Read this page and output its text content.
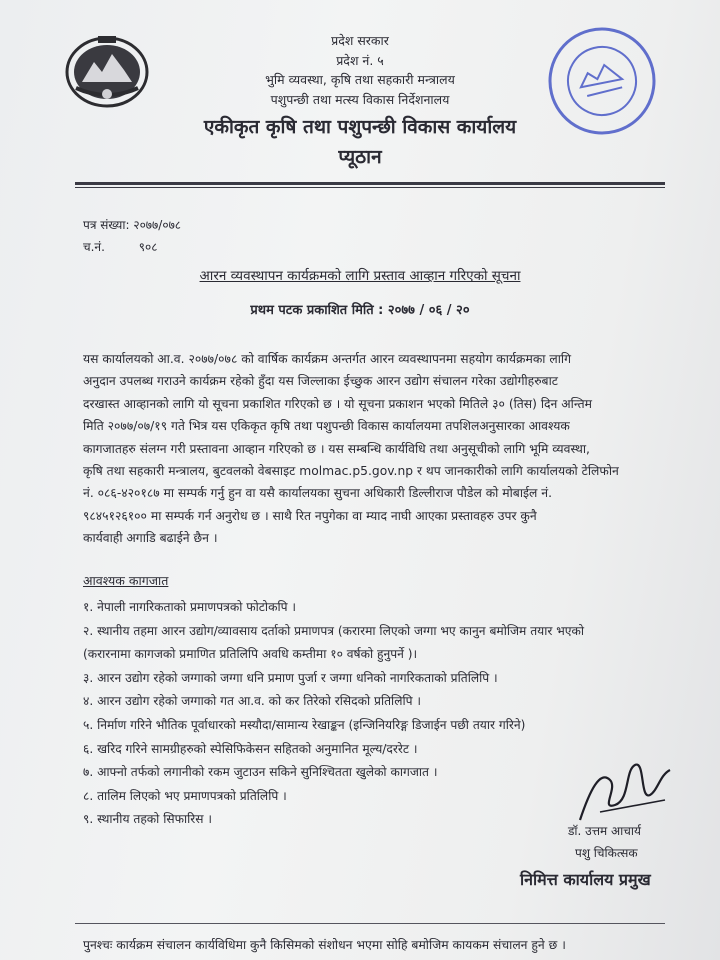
प्रदेश सरकार
प्रदेश नं. ५
भुमि व्यवस्था, कृषि तथा सहकारी मन्त्रालय
पशुपन्छी तथा मत्स्य विकास निर्देशनालय
एकीकृत कृषि तथा पशुपन्छी विकास कार्यालय
प्यूठान
पत्र संख्या: २०७७/०७८
च.नं.	९०८
आरन व्यवस्थापन कार्यक्रमको लागि प्रस्ताव आव्हान गरिएको सूचना
प्रथम पटक प्रकाशित मिति : २०७७ / ०६ / २०
यस कार्यालयको आ.व. २०७७/०७८ को वार्षिक कार्यक्रम अन्तर्गत आरन व्यवस्थापनमा सहयोग कार्यक्रमका लागि
अनुदान उपलब्ध गराउने कार्यक्रम रहेको हुँदा यस जिल्लाका ईच्छुक आरन उद्योग संचालन गरेका उद्योगीहरुबाट
दरखास्त आव्हानको लागि यो सूचना प्रकाशित गरिएको छ । यो सूचना प्रकाशन भएको मितिले ३० (तिस) दिन अन्तिम
मिति २०७७/०७/१९ गते भित्र यस एकिकृत कृषि तथा पशुपन्छी विकास कार्यालयमा तपशिलअनुसारका आवश्यक
कागजातहरु संलग्न गरी प्रस्तावना आव्हान गरिएको छ । यस सम्बन्धि कार्यविधि तथा अनुसूचीको लागि भूमि व्यवस्था,
कृषि तथा सहकारी मन्त्रालय, बुटवलको वेबसाइट molmac.p5.gov.np र थप जानकारीको लागि कार्यालयको टेलिफोन
नं. ०८६-४२०१८७ मा सम्पर्क गर्नु हुन वा यसै कार्यालयका सुचना अधिकारी डिल्लीराज पौडेल को मोबाईल नं.
९८४५१२६१०० मा सम्पर्क गर्न अनुरोध छ । साथै रित नपुगेका वा म्याद नाघी आएका प्रस्तावहरु उपर कुनै
कार्यवाही अगाडि बढाईने छैन ।
आवश्यक कागजात
१. नेपाली नागरिकताको प्रमाणपत्रको फोटोकपि ।
२. स्थानीय तहमा आरन उद्योग/व्यावसाय दर्ताको प्रमाणपत्र (करारमा लिएको जग्गा भए कानुन बमोजिम तयार भएको
(करारनामा कागजको प्रमाणित प्रतिलिपि अवधि कम्तीमा १० वर्षको हुनुपर्ने )।
३. आरन उद्योग रहेको जग्गाको जग्गा धनि प्रमाण पुर्जा र जग्गा धनिको नागरिकताको प्रतिलिपि ।
४. आरन उद्योग रहेको जग्गाको गत आ.व. को कर तिरेको रसिदको प्रतिलिपि ।
५. निर्माण गरिने भौतिक पूर्वाधारको मस्यौदा/सामान्य रेखाङ्कन (इन्जिनियरिङ्ग डिजाईन पछी तयार गरिने)
६. खरिद गरिने सामग्रीहरुको स्पेसिफिकेसन सहितको अनुमानित मूल्य/दररेट ।
७. आफ्नो तर्फको लगानीको रकम जुटाउन सकिने सुनिश्चितता खुलेको कागजात ।
८. तालिम लिएको भए प्रमाणपत्रको प्रतिलिपि ।
९. स्थानीय तहको सिफारिस ।
डॉ. उत्तम आचार्य
पशु चिकित्सक
निमित्त कार्यालय प्रमुख
पुनश्चः कार्यक्रम संचालन कार्यविधिमा कुनै किसिमको संशोधन भएमा सोहि बमोजिम कायकम संचालन हुने छ ।
